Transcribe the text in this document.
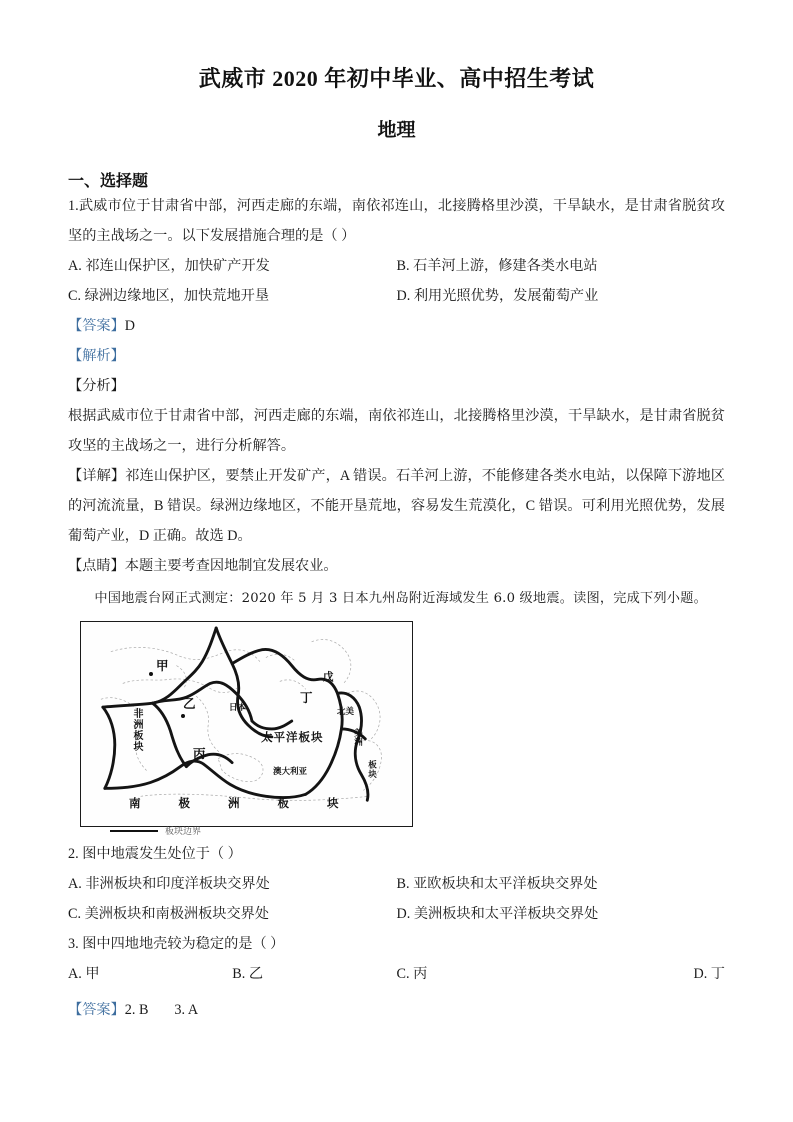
武威市 2020 年初中毕业、高中招生考试
地理
一、选择题

1.武威市位于甘肃省中部，河西走廊的东端，南依祁连山，北接腾格里沙漠，干旱缺水，是甘肃省脱贫攻坚的主战场之一。以下发展措施合理的是（ ）

A. 祁连山保护区，加快矿产开发	B. 石羊河上游，修建各类水电站
C. 绿洲边缘地区，加快荒地开垦	D. 利用光照优势，发展葡萄产业

【答案】D

【解析】

【分析】

根据武威市位于甘肃省中部，河西走廊的东端，南依祁连山，北接腾格里沙漠，干旱缺水，是甘肃省脱贫攻坚的主战场之一，进行分析解答。

【详解】祁连山保护区，要禁止开发矿产，A 错误。石羊河上游，不能修建各类水电站，以保障下游地区的河流流量，B 错误。绿洲边缘地区，不能开垦荒地，容易发生荒漠化，C 错误。可利用光照优势，发展葡萄产业，D 正确。故选 D。

【点睛】本题主要考查因地制宜发展农业。

中国地震台网正式测定：2020 年 5 月 3 日本九州岛附近海域发生 6.0 级地震。读图，完成下列小题。

甲
乙
丙
丁
戊
非洲板块	太平洋板块
南极洲板块
日本
澳大利亚
北美
美洲
板块
板块边界

2. 图中地震发生处位于（ ）

A. 非洲板块和印度洋板块交界处	B. 亚欧板块和太平洋板块交界处
C. 美洲板块和南极洲板块交界处	D. 美洲板块和太平洋板块交界处

3. 图中四地地壳较为稳定的是（ ）

A. 甲	B. 乙	C. 丙	D. 丁

【答案】2. B 3. A
